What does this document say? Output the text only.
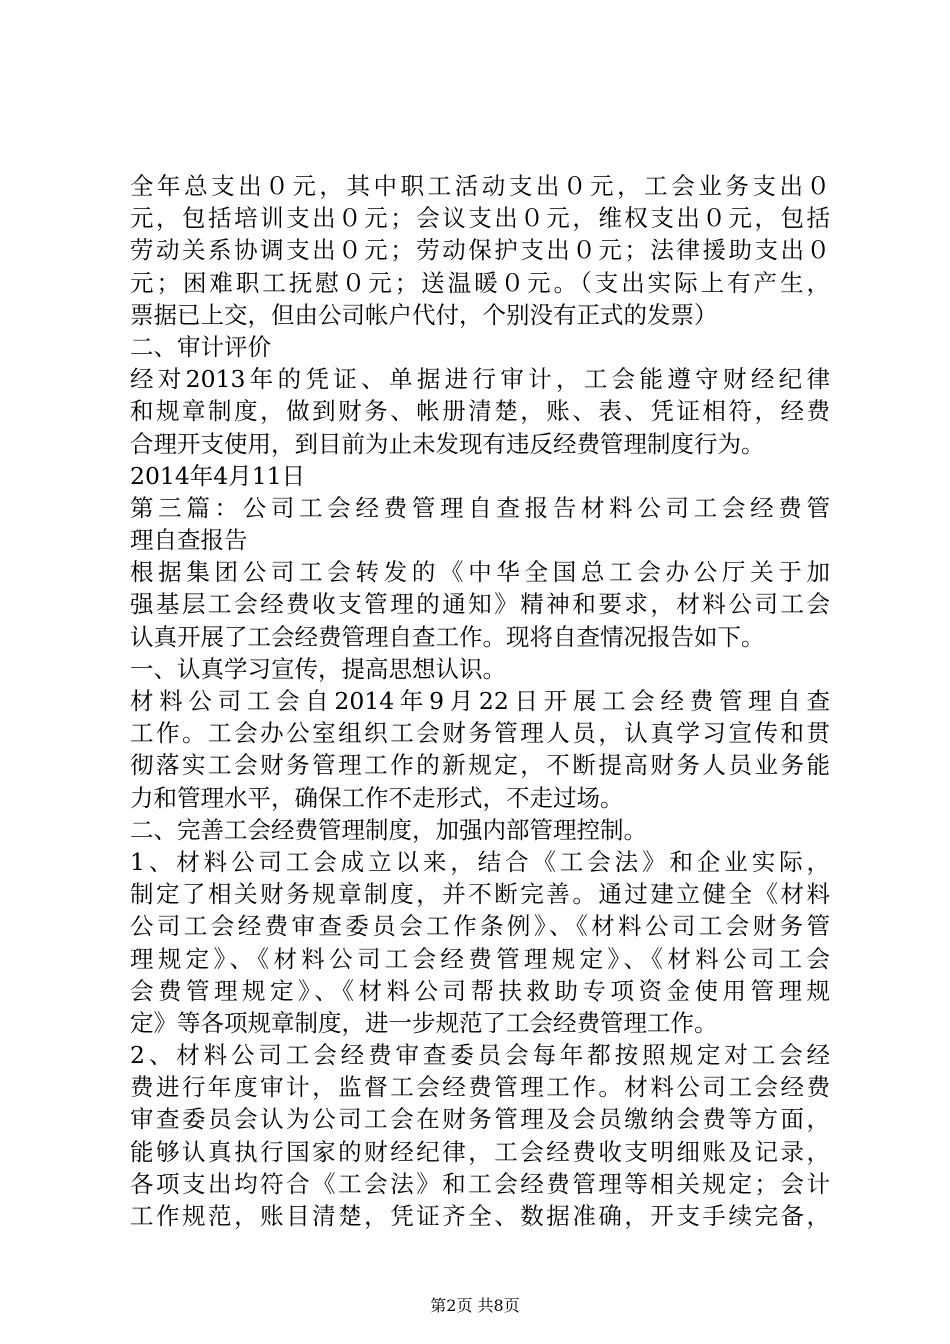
全年总支出０元，其中职工活动支出０元，工会业务支出０
元，包括培训支出０元；会议支出０元，维权支出０元，包括
劳动关系协调支出０元；劳动保护支出０元；法律援助支出０
元；困难职工抚慰０元；送温暖０元。（支出实际上有产生，
票据已上交，但由公司帐户代付，个别没有正式的发票）
二、审计评价
经对2013年的凭证、单据进行审计，工会能遵守财经纪律
和规章制度，做到财务、帐册清楚，账、表、凭证相符，经费
合理开支使用，到目前为止未发现有违反经费管理制度行为。
2014年4月11日
第三篇：公司工会经费管理自查报告材料公司工会经费管
理自查报告
根据集团公司工会转发的《中华全国总工会办公厅关于加
强基层工会经费收支管理的通知》精神和要求，材料公司工会
认真开展了工会经费管理自查工作。现将自查情况报告如下。
一、认真学习宣传，提高思想认识。
材料公司工会自2014年9月22日开展工会经费管理自查
工作。工会办公室组织工会财务管理人员，认真学习宣传和贯
彻落实工会财务管理工作的新规定，不断提高财务人员业务能
力和管理水平，确保工作不走形式，不走过场。
二、完善工会经费管理制度，加强内部管理控制。
1、材料公司工会成立以来，结合《工会法》和企业实际，
制定了相关财务规章制度，并不断完善。通过建立健全《材料
公司工会经费审查委员会工作条例》、《材料公司工会财务管
理规定》、《材料公司工会经费管理规定》、《材料公司工会
会费管理规定》、《材料公司帮扶救助专项资金使用管理规
定》等各项规章制度，进一步规范了工会经费管理工作。
2、材料公司工会经费审查委员会每年都按照规定对工会经
费进行年度审计，监督工会经费管理工作。材料公司工会经费
审查委员会认为公司工会在财务管理及会员缴纳会费等方面，
能够认真执行国家的财经纪律，工会经费收支明细账及记录，
各项支出均符合《工会法》和工会经费管理等相关规定；会计
工作规范，账目清楚，凭证齐全、数据准确，开支手续完备，
第2页 共8页
